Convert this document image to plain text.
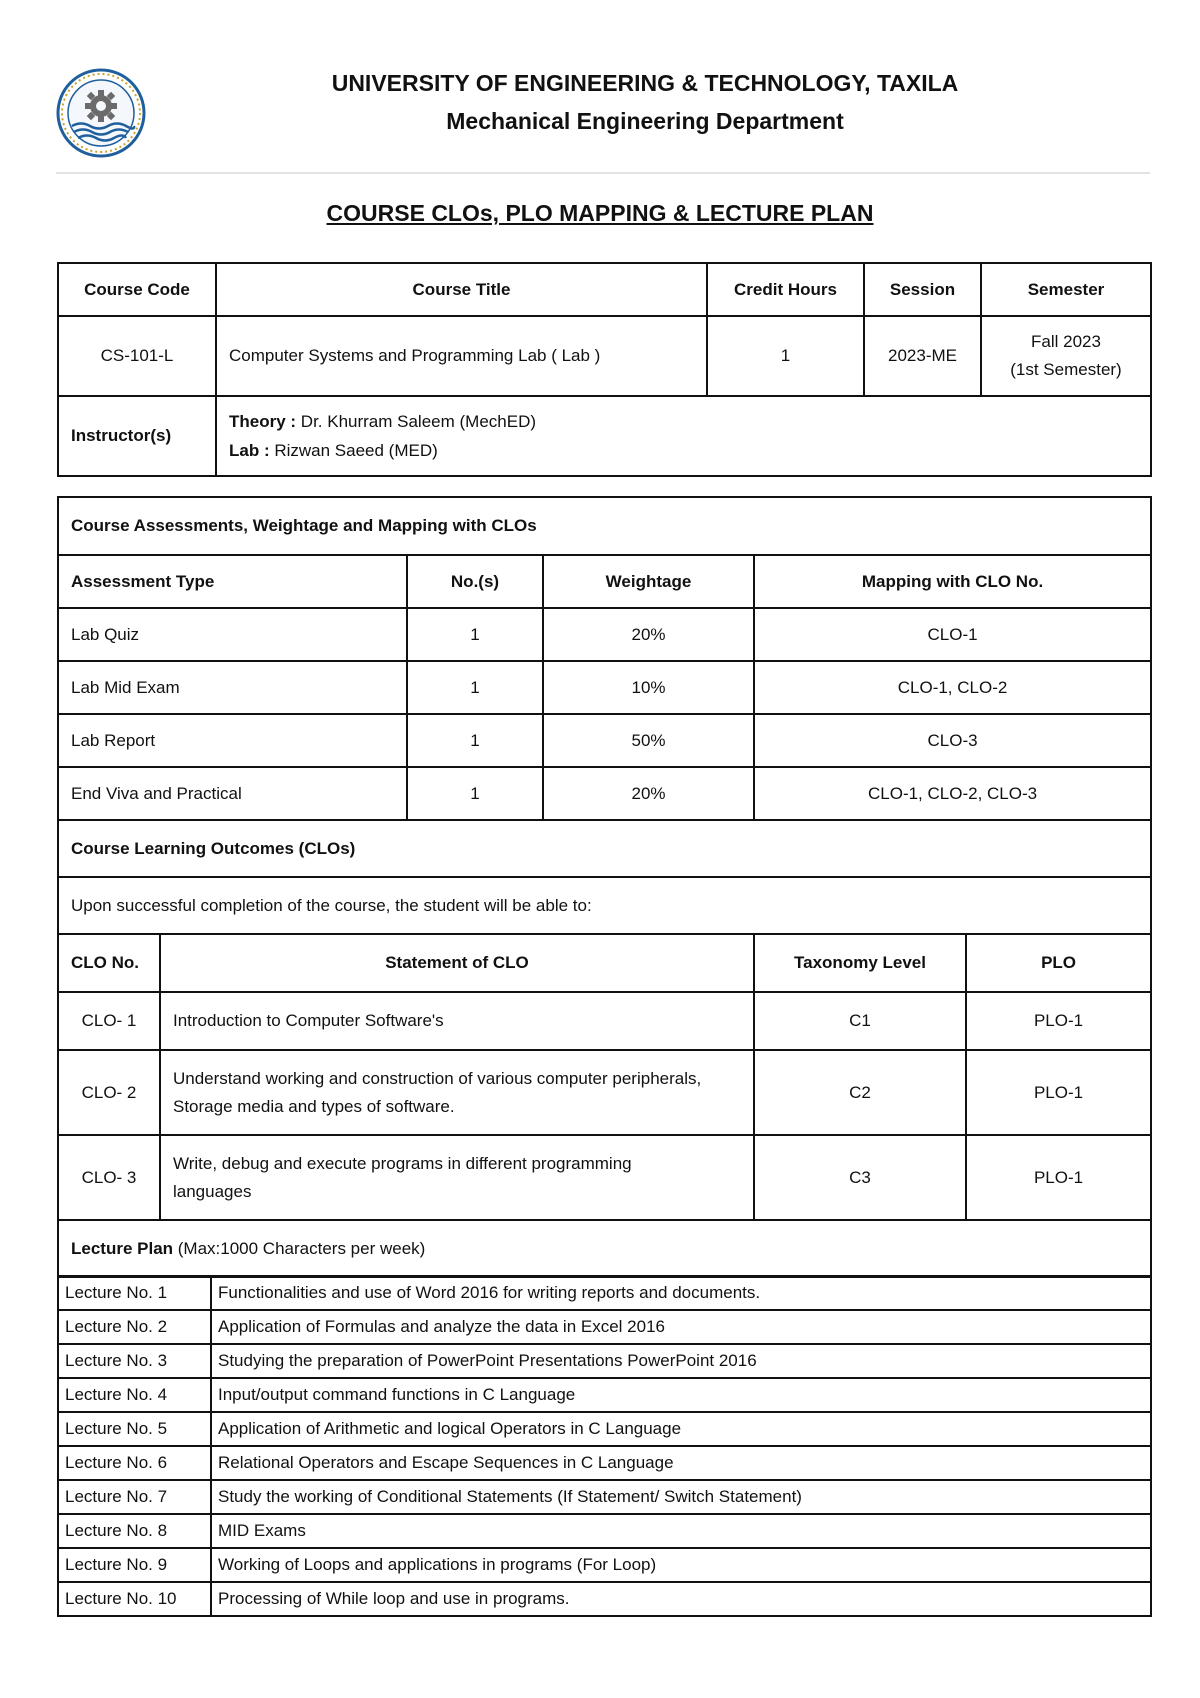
UNIVERSITY OF ENGINEERING & TECHNOLOGY, TAXILA
Mechanical Engineering Department
COURSE CLOs, PLO MAPPING & LECTURE PLAN
Course Code	Course Title	Credit Hours	Session	Semester
CS-101-L	Computer Systems and Programming Lab ( Lab )	1	2023-ME	Fall 2023
(1st Semester)

Instructor(s)	Theory : Dr. Khurram Saleem (MechED)
Lab : Rizwan Saeed (MED)			
Course Assessments, Weightage and Mapping with CLOs					
Assessment Type		No.(s)	Weightage	Mapping with CLO No.	
Lab Quiz		1	20%	CLO-1	
Lab Mid Exam		1	10%	CLO-1, CLO-2	
Lab Report		1	50%	CLO-3	
End Viva and Practical		1	20%	CLO-1, CLO-2, CLO-3	
Course Learning Outcomes (CLOs)					
Upon successful completion of the course, the student will be able to:					
CLO No.	Statement of CLO			Taxonomy Level	PLO
CLO- 1	Introduction to Computer Software's			C1	PLO-1
CLO- 2	Understand working and construction of various computer peripherals, Storage media and types of software.			C2	PLO-1
CLO- 3	Write, debug and execute programs in different programming languages			C3	PLO-1
Lecture Plan (Max:1000 Characters per week)					
Lecture No. 1	Functionalities and use of Word 2016 for writing reports and documents.
Lecture No. 2	Application of Formulas and analyze the data in Excel 2016
Lecture No. 3	Studying the preparation of PowerPoint Presentations PowerPoint 2016
Lecture No. 4	Input/output command functions in C Language
Lecture No. 5	Application of Arithmetic and logical Operators in C Language
Lecture No. 6	Relational Operators and Escape Sequences in C Language
Lecture No. 7	Study the working of Conditional Statements (If Statement/ Switch Statement)
Lecture No. 8	MID Exams
Lecture No. 9	Working of Loops and applications in programs (For Loop)
Lecture No. 10	Processing of While loop and use in programs.
